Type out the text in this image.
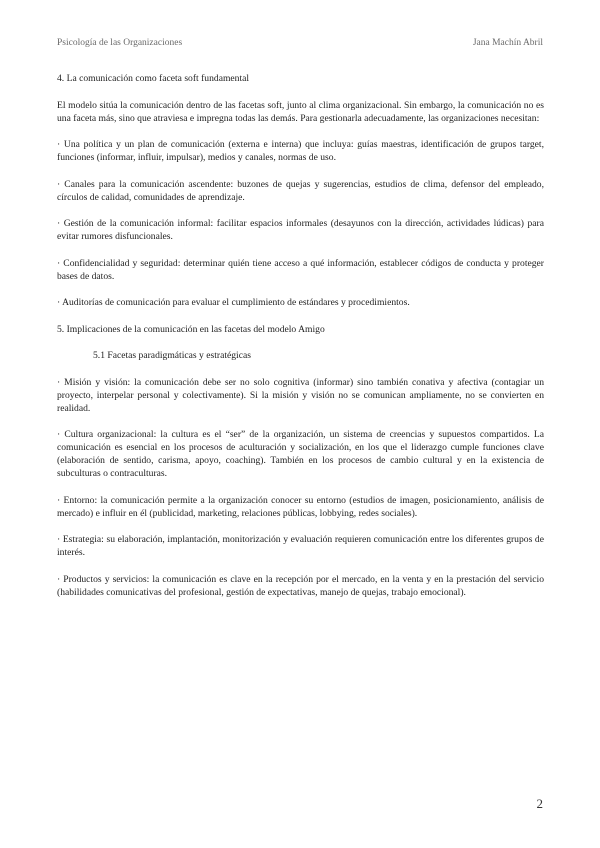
Psicología de las Organizaciones	Jana Machín Abril

4. La comunicación como faceta soft fundamental

El modelo sitúa la comunicación dentro de las facetas soft, junto al clima organizacional. Sin embargo, la comunicación no es una faceta más, sino que atraviesa e impregna todas las demás. Para gestionarla adecuadamente, las organizaciones necesitan:

· Una política y un plan de comunicación (externa e interna) que incluya: guías maestras, identificación de grupos target, funciones (informar, influir, impulsar), medios y canales, normas de uso.

· Canales para la comunicación ascendente: buzones de quejas y sugerencias, estudios de clima, defensor del empleado, círculos de calidad, comunidades de aprendizaje.

· Gestión de la comunicación informal: facilitar espacios informales (desayunos con la dirección, actividades lúdicas) para evitar rumores disfuncionales.

· Confidencialidad y seguridad: determinar quién tiene acceso a qué información, establecer códigos de conducta y proteger bases de datos.

· Auditorías de comunicación para evaluar el cumplimiento de estándares y procedimientos.

5. Implicaciones de la comunicación en las facetas del modelo Amigo

5.1 Facetas paradigmáticas y estratégicas

· Misión y visión: la comunicación debe ser no solo cognitiva (informar) sino también conativa y afectiva (contagiar un proyecto, interpelar personal y colectivamente). Si la misión y visión no se comunican ampliamente, no se convierten en realidad.

· Cultura organizacional: la cultura es el “ser” de la organización, un sistema de creencias y supuestos compartidos. La comunicación es esencial en los procesos de aculturación y socialización, en los que el liderazgo cumple funciones clave (elaboración de sentido, carisma, apoyo, coaching). También en los procesos de cambio cultural y en la existencia de subculturas o contraculturas.

· Entorno: la comunicación permite a la organización conocer su entorno (estudios de imagen, posicionamiento, análisis de mercado) e influir en él (publicidad, marketing, relaciones públicas, lobbying, redes sociales).

· Estrategia: su elaboración, implantación, monitorización y evaluación requieren comunicación entre los diferentes grupos de interés.

· Productos y servicios: la comunicación es clave en la recepción por el mercado, en la venta y en la prestación del servicio (habilidades comunicativas del profesional, gestión de expectativas, manejo de quejas, trabajo emocional).

2
